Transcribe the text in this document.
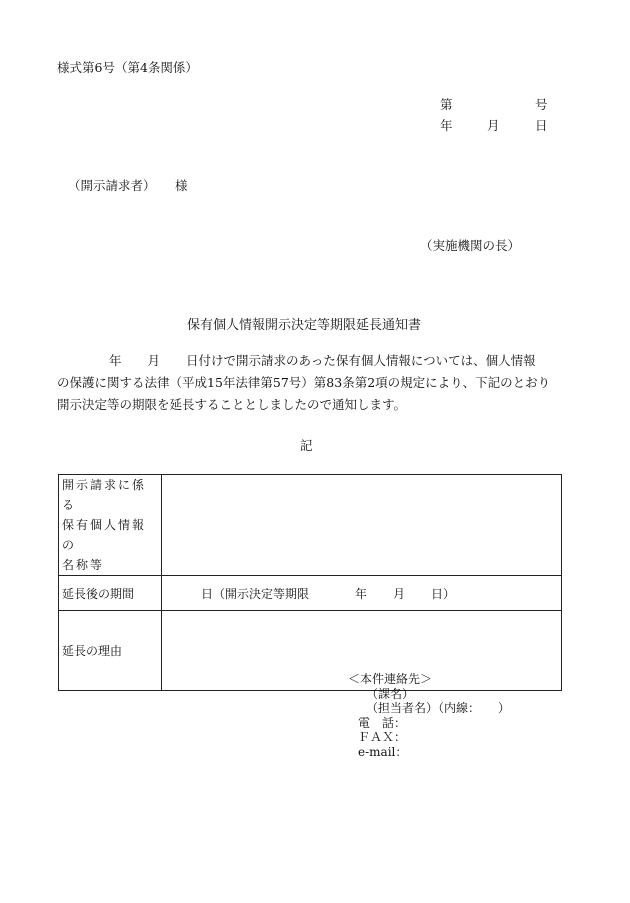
様式第6号（第4条関係）
第	号
年	月	日
（開示請求者） 様
（実施機関の長）
保有個人情報開示決定等期限延長通知書
年 月 日付けで開示請求のあった保有個人情報については、個人情報
の保護に関する法律（平成15年法律第57号）第83条第2項の規定により、下記のとおり
開示決定等の期限を延長することとしましたので通知します。
記
開示請求に係る
保有個人情報の
名称等	

延長後の期間	日（開示決定等期限 年 月 日）
延長の理由	
＜本件連絡先＞
（課名）
（担当者名）（内線：　　）
電　話：
ＦＡＸ：
e-mail：
